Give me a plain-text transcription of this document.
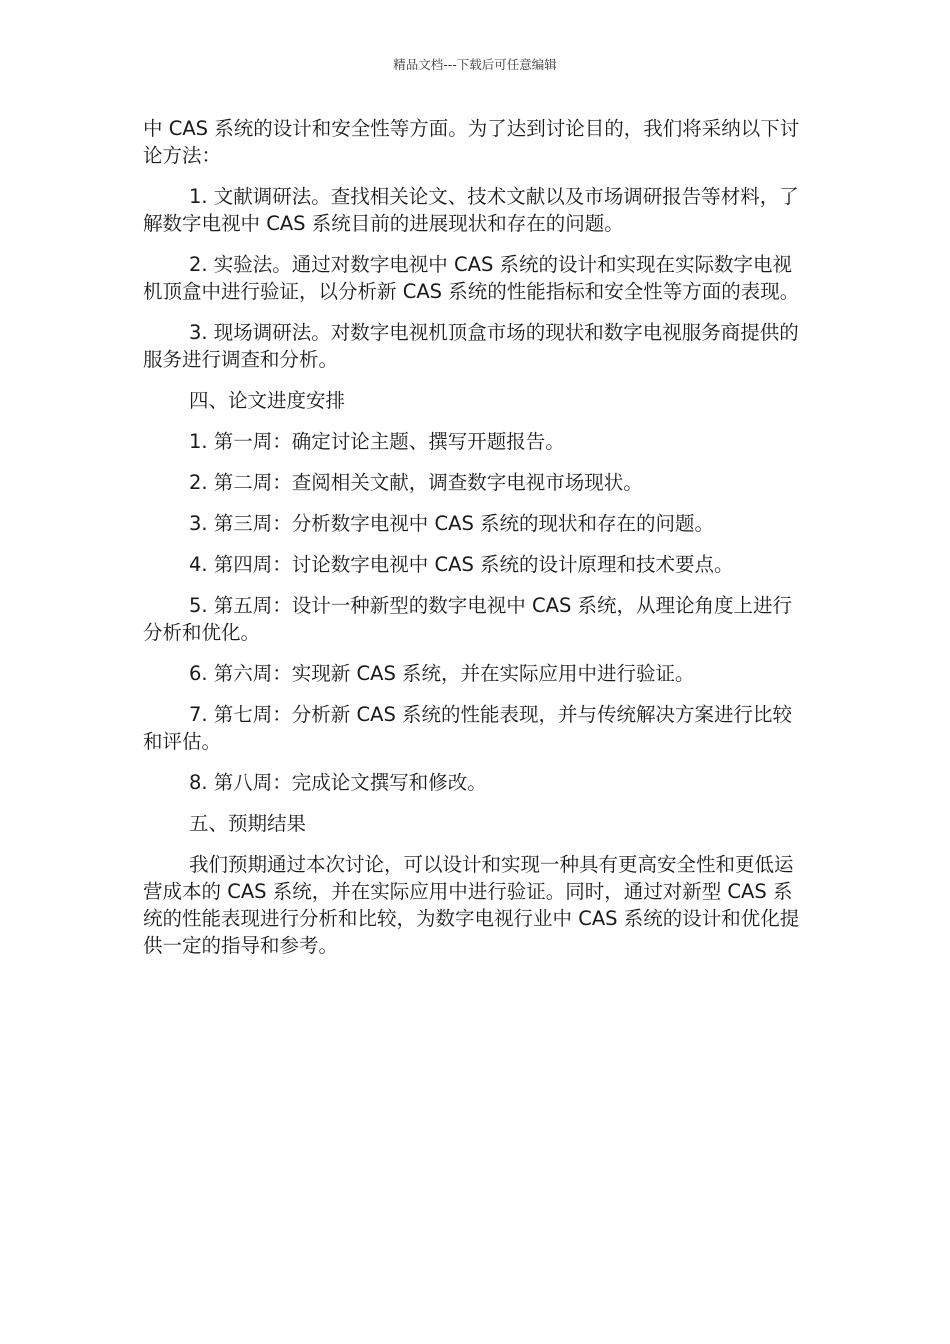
精品文档---下载后可任意编辑

中 CAS 系统的设计和安全性等方面。为了达到讨论目的，我们将采纳以下讨论方法：

1. 文献调研法。查找相关论文、技术文献以及市场调研报告等材料，了解数字电视中 CAS 系统目前的进展现状和存在的问题。

2. 实验法。通过对数字电视中 CAS 系统的设计和实现在实际数字电视机顶盒中进行验证，以分析新 CAS 系统的性能指标和安全性等方面的表现。

3. 现场调研法。对数字电视机顶盒市场的现状和数字电视服务商提供的服务进行调查和分析。

四、论文进度安排

1. 第一周：确定讨论主题、撰写开题报告。

2. 第二周：查阅相关文献，调查数字电视市场现状。

3. 第三周：分析数字电视中 CAS 系统的现状和存在的问题。

4. 第四周：讨论数字电视中 CAS 系统的设计原理和技术要点。

5. 第五周：设计一种新型的数字电视中 CAS 系统，从理论角度上进行分析和优化。

6. 第六周：实现新 CAS 系统，并在实际应用中进行验证。

7. 第七周：分析新 CAS 系统的性能表现，并与传统解决方案进行比较和评估。

8. 第八周：完成论文撰写和修改。

五、预期结果

我们预期通过本次讨论，可以设计和实现一种具有更高安全性和更低运营成本的 CAS 系统，并在实际应用中进行验证。同时，通过对新型 CAS 系统的性能表现进行分析和比较，为数字电视行业中 CAS 系统的设计和优化提供一定的指导和参考。
